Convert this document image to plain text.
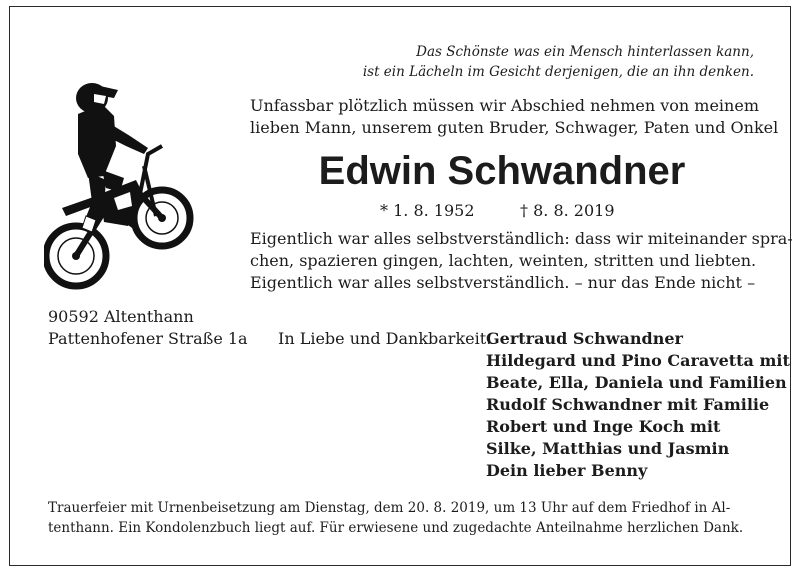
Das Schönste was ein Mensch hinterlassen kann,
ist ein Lächeln im Gesicht derjenigen, die an ihn denken.
Unfassbar plötzlich müssen wir Abschied nehmen von meinem
lieben Mann, unserem guten Bruder, Schwager, Paten und Onkel
Edwin Schwandner
* 1. 8. 1952	† 8. 8. 2019
Eigentlich war alles selbstverständlich: dass wir miteinander spra-
chen, spazieren gingen, lachten, weinten, stritten und liebten.
Eigentlich war alles selbstverständlich. – nur das Ende nicht –
90592 Altenthann
Pattenhofener Straße 1a In Liebe und Dankbarkeit:
Gertraud Schwandner
Hildegard und Pino Caravetta mit
Beate, Ella, Daniela und Familien
Rudolf Schwandner mit Familie
Robert und Inge Koch mit
Silke, Matthias und Jasmin
Dein lieber Benny
Trauerfeier mit Urnenbeisetzung am Dienstag, dem 20. 8. 2019, um 13 Uhr auf dem Friedhof in Al-
tenthann. Ein Kondolenzbuch liegt auf. Für erwiesene und zugedachte Anteilnahme herzlichen Dank.
